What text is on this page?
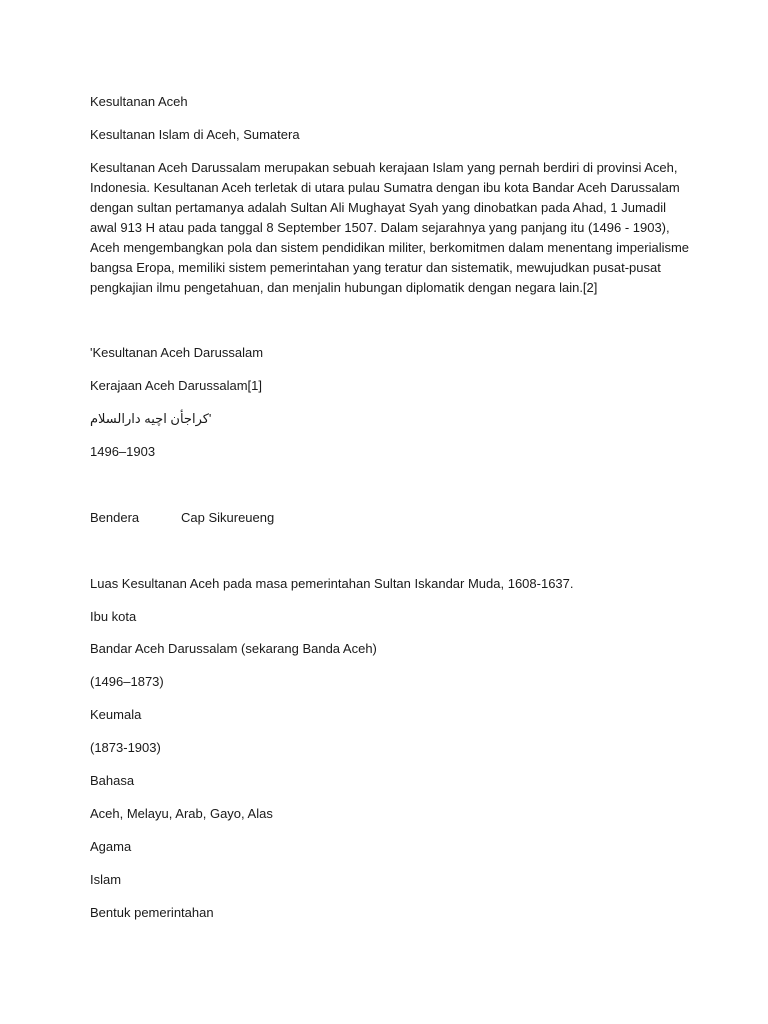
Kesultanan Aceh

Kesultanan Islam di Aceh, Sumatera

Kesultanan Aceh Darussalam merupakan sebuah kerajaan Islam yang pernah berdiri di provinsi Aceh, Indonesia. Kesultanan Aceh terletak di utara pulau Sumatra dengan ibu kota Bandar Aceh Darussalam dengan sultan pertamanya adalah Sultan Ali Mughayat Syah yang dinobatkan pada Ahad, 1 Jumadil awal 913 H atau pada tanggal 8 September 1507. Dalam sejarahnya yang panjang itu (1496 - 1903), Aceh mengembangkan pola dan sistem pendidikan militer, berkomitmen dalam menentang imperialisme bangsa Eropa, memiliki sistem pemerintahan yang teratur dan sistematik, mewujudkan pusat-pusat pengkajian ilmu pengetahuan, dan menjalin hubungan diplomatik dengan negara lain.[2]

'Kesultanan Aceh Darussalam

Kerajaan Aceh Darussalam[1]

'كراجأن اچيه دارالسلام

1496–1903

Bendera	Cap Sikureueng

Luas Kesultanan Aceh pada masa pemerintahan Sultan Iskandar Muda, 1608-1637.

Ibu kota

Bandar Aceh Darussalam (sekarang Banda Aceh)

(1496–1873)

Keumala

(1873-1903)

Bahasa

Aceh, Melayu, Arab, Gayo, Alas

Agama

Islam

Bentuk pemerintahan
